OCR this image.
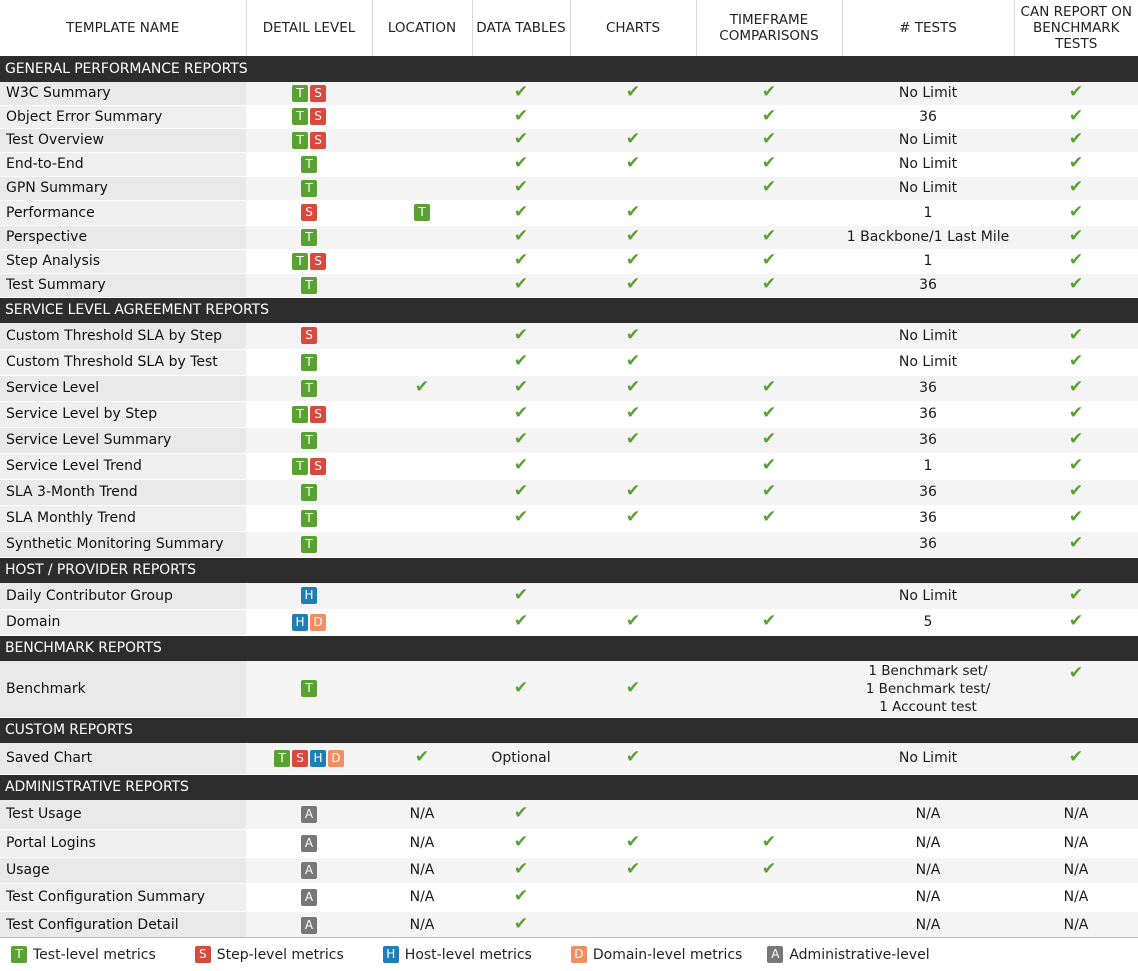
TEMPLATE NAME	DETAIL LEVEL	LOCATION	DATA TABLES	CHARTS	TIMEFRAME COMPARISONS	# TESTS	CAN REPORT ON BENCHMARK TESTS
GENERAL PERFORMANCE REPORTS							
W3C Summary	T S		✔	✔	✔	No Limit	✔
Object Error Summary	T S		✔		✔	36	✔
Test Overview	T S		✔	✔	✔	No Limit	✔
End-to-End	T		✔	✔	✔	No Limit	✔
GPN Summary	T		✔		✔	No Limit	✔
Performance	S	T	✔	✔		1	✔
Perspective	T		✔	✔	✔	1 Backbone/1 Last Mile	✔
Step Analysis	T S		✔	✔	✔	1	✔
Test Summary	T		✔	✔	✔	36	✔
SERVICE LEVEL AGREEMENT REPORTS							
Custom Threshold SLA by Step	S		✔	✔		No Limit	✔
Custom Threshold SLA by Test	T		✔	✔		No Limit	✔
Service Level	T	✔	✔	✔	✔	36	✔
Service Level by Step	T S		✔	✔	✔	36	✔
Service Level Summary	T		✔	✔	✔	36	✔
Service Level Trend	T S		✔		✔	1	✔
SLA 3-Month Trend	T		✔	✔	✔	36	✔
SLA Monthly Trend	T		✔	✔	✔	36	✔
Synthetic Monitoring Summary	T					36	✔
HOST / PROVIDER REPORTS							
Daily Contributor Group	H		✔			No Limit	✔
Domain	H D		✔	✔	✔	5	✔
BENCHMARK REPORTS							
Benchmark	T		✔	✔		1 Benchmark set/
1 Benchmark test/
1 Account test	✔
CUSTOM REPORTS							
Saved Chart	T S H D	✔	Optional	✔		No Limit	✔
ADMINISTRATIVE REPORTS							
Test Usage	A	N/A	✔			N/A	N/A
Portal Logins	A	N/A	✔	✔	✔	N/A	N/A
Usage	A	N/A	✔	✔	✔	N/A	N/A
Test Configuration Summary	A	N/A	✔			N/A	N/A
Test Configuration Detail	A	N/A	✔			N/A	N/A
T Test-level metrics	S Step-level metrics	H Host-level metrics	D Domain-level metrics	A Administrative-level
